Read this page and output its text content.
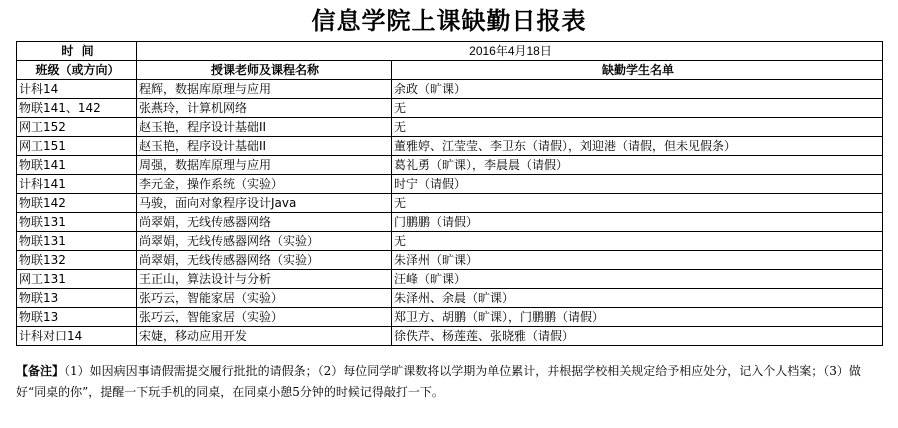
信息学院上课缺勤日报表
时  间	2016年4月18日	
班级（或方向）	授课老师及课程名称	缺勤学生名单
计科14	程辉，数据库原理与应用	余政（旷课）
物联141、142	张燕玲，计算机网络	无
网工152	赵玉艳，程序设计基础II	无
网工151	赵玉艳，程序设计基础II	董雅婷、江莹莹、李卫东（请假），刘迎港（请假，但未见假条）
物联141	周强，数据库原理与应用	葛礼勇（旷课），李晨晨（请假）
计科141	李元金，操作系统（实验）	时宁（请假）
物联142	马骏，面向对象程序设计Java	无
物联131	尚翠娟，无线传感器网络	门鹏鹏（请假）
物联131	尚翠娟，无线传感器网络（实验）	无
物联132	尚翠娟，无线传感器网络（实验）	朱泽州（旷课）
网工131	王正山，算法设计与分析	汪峰（旷课）
物联13	张巧云，智能家居（实验）	朱泽州、余晨（旷课）
物联13	张巧云，智能家居（实验）	郑卫方、胡鹏（旷课），门鹏鹏（请假）
计科对口14	宋婕，移动应用开发	徐佚芹、杨莲莲、张晓雅（请假）
【备注】（1）如因病因事请假需提交履行批批的请假条；（2）每位同学旷课数将以学期为单位累计，并根据学校相关规定给予相应处分，记入个人档案；（3）做好“同桌的你”，提醒一下玩手机的同桌，在同桌小憩5分钟的时候记得敲打一下。
